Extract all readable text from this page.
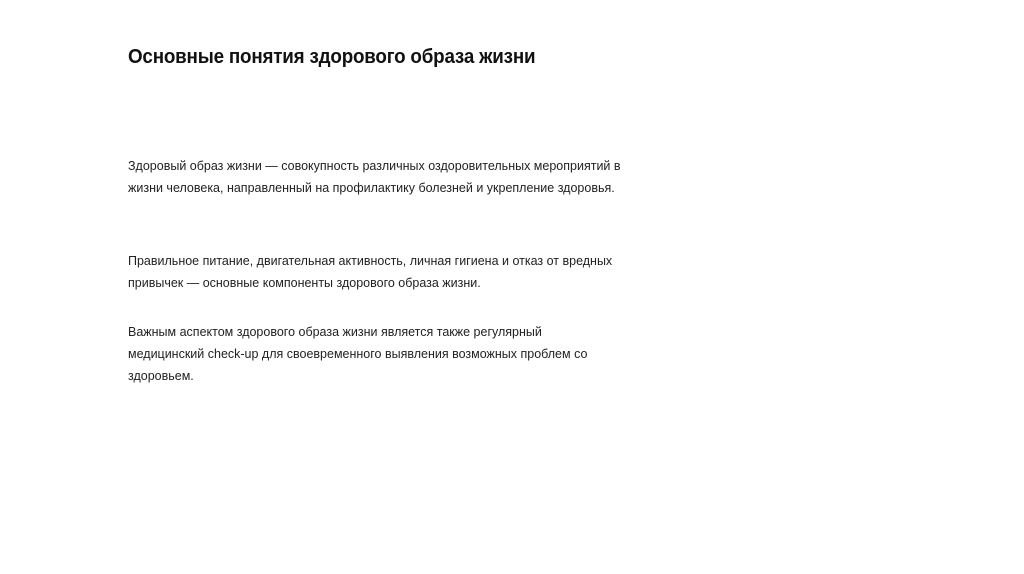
Основные понятия здорового образа жизни

Здоровый образ жизни — совокупность различных оздоровительных мероприятий в
жизни человека, направленный на профилактику болезней и укрепление здоровья.

Правильное питание, двигательная активность, личная гигиена и отказ от вредных
привычек — основные компоненты здорового образа жизни.

Важным аспектом здорового образа жизни является также регулярный
медицинский check-up для своевременного выявления возможных проблем со
здоровьем.
